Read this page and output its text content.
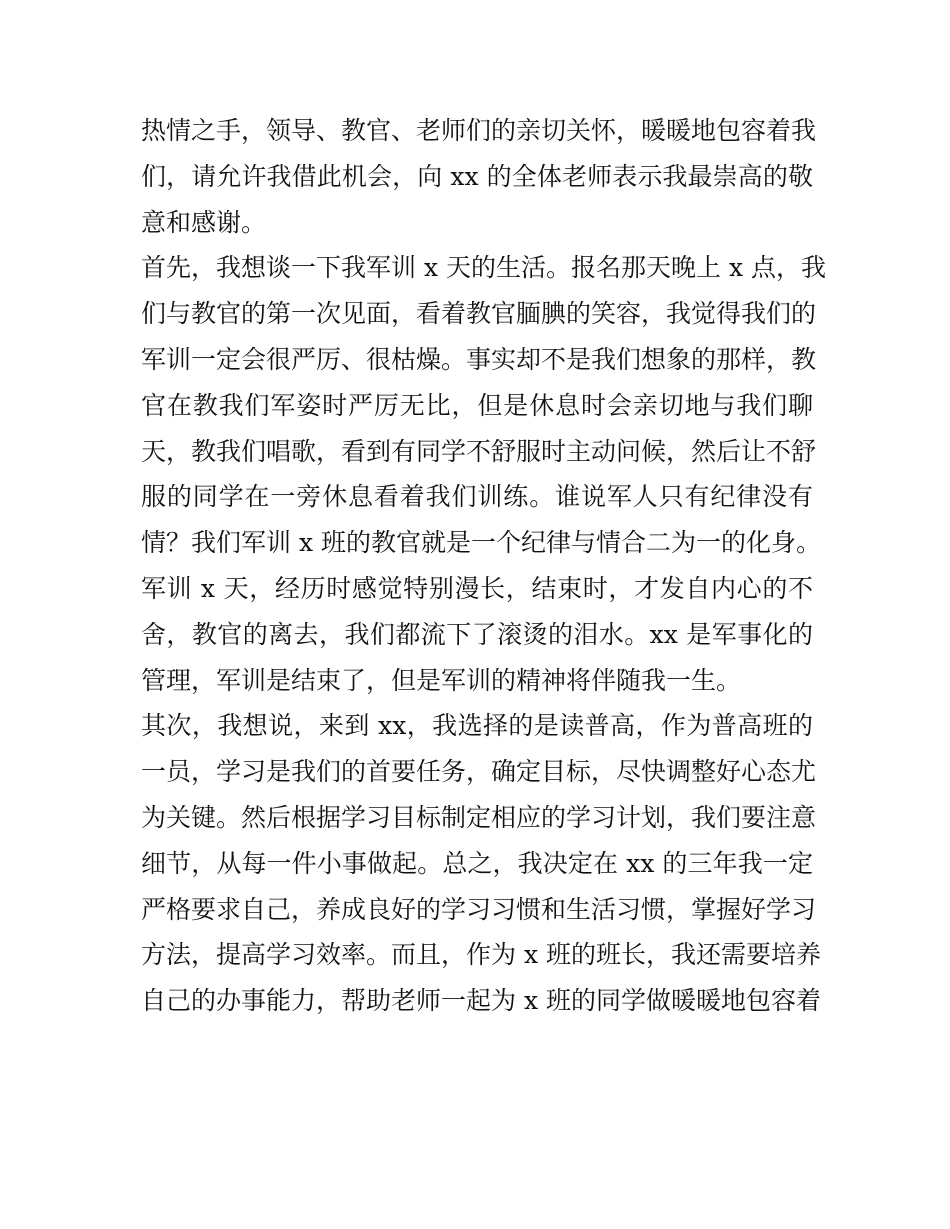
热情之手，领导、教官、老师们的亲切关怀，暖暖地包容着我
们，请允许我借此机会，向 xx 的全体老师表示我最崇高的敬
意和感谢。
首先，我想谈一下我军训 x 天的生活。报名那天晚上 x 点，我
们与教官的第一次见面，看着教官腼腆的笑容，我觉得我们的
军训一定会很严厉、很枯燥。事实却不是我们想象的那样，教
官在教我们军姿时严厉无比，但是休息时会亲切地与我们聊
天，教我们唱歌，看到有同学不舒服时主动问候，然后让不舒
服的同学在一旁休息看着我们训练。谁说军人只有纪律没有
情？我们军训 x 班的教官就是一个纪律与情合二为一的化身。
军训 x 天，经历时感觉特别漫长，结束时，才发自内心的不
舍，教官的离去，我们都流下了滚烫的泪水。xx 是军事化的
管理，军训是结束了，但是军训的精神将伴随我一生。
其次，我想说，来到 xx，我选择的是读普高，作为普高班的
一员，学习是我们的首要任务，确定目标，尽快调整好心态尤
为关键。然后根据学习目标制定相应的学习计划，我们要注意
细节，从每一件小事做起。总之，我决定在 xx 的三年我一定
严格要求自己，养成良好的学习习惯和生活习惯，掌握好学习
方法，提高学习效率。而且，作为 x 班的班长，我还需要培养
自己的办事能力，帮助老师一起为 x 班的同学做暖暖地包容着
